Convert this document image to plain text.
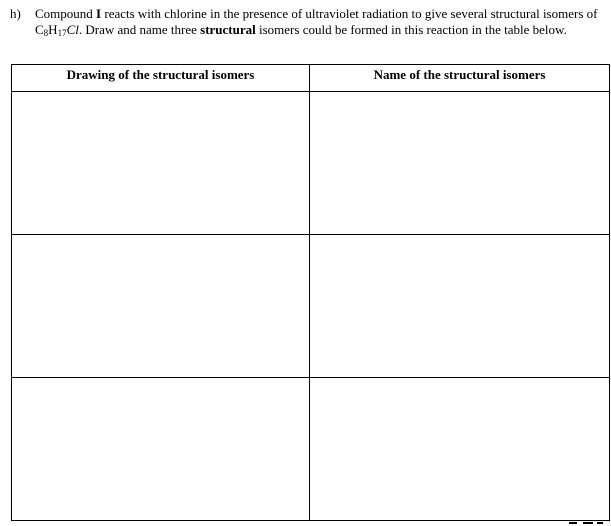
h)	Compound I reacts with chlorine in the presence of ultraviolet radiation to give several structural isomers of $C_8H_{17}Cl$. Draw and name three structural isomers could be formed in this reaction in the table below.
Drawing of the structural isomers	Name of the structural isomers
